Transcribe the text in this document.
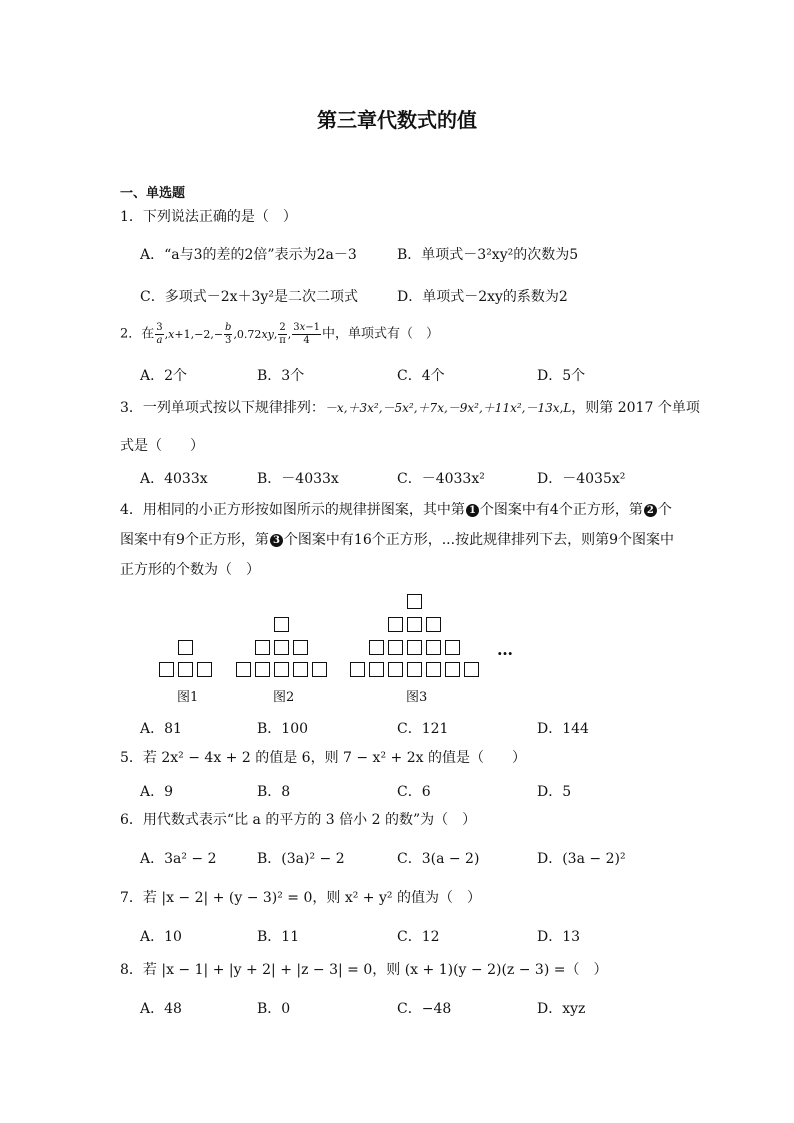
第三章代数式的值
一、单选题
1．下列说法正确的是（　）
A．“a与3的差的2倍”表示为2a－3	B．单项式－3²xy²的次数为5
C．多项式－2x＋3y²是二次二项式	D．单项式－2xy的系数为2
2．在 $\frac{3}{a} ,x+1,-2,- \frac{b}{3} ,0.72xy$, $\frac{2}{\pi}$ , $\frac{3x-1}{4}$ 中，单项式有（　）
A．2个	B．3个	C．4个	D．5个
3．一列单项式按以下规律排列：－x,＋3x²,－5x²,＋7x,－9x²,＋11x²,－13x,L，则第 2017 个单项
式是（　　）
A．4033x	B．－4033x	C．－4033x²	D．－4035x²
4．用相同的小正方形按如图所示的规律拼图案，其中第 1 个图案中有4个正方形，第 2 个
图案中有9个正方形，第 3 个图案中有16个正方形，...按此规律排列下去，则第9个图案中
正方形的个数为（　）
…
图1	图2	图3
A．81	B．100	C．121	D．144
5．若 2x² − 4x + 2 的值是 6，则 7 − x² + 2x 的值是（　　）
A．9	B．8	C．6	D．5
6．用代数式表示“比 a 的平方的 3 倍小 2 的数”为（　）
A．3a² − 2	B．(3a)² − 2	C．3(a − 2)	D．(3a − 2)²
7．若 |x − 2| + (y − 3)² = 0，则 x² + y² 的值为（　）
A．10	B．11	C．12	D．13
8．若 |x − 1| + |y + 2| + |z − 3| = 0，则 (x + 1)(y − 2)(z − 3) =（　）
A．48	B．0	C．−48	D．xyz
